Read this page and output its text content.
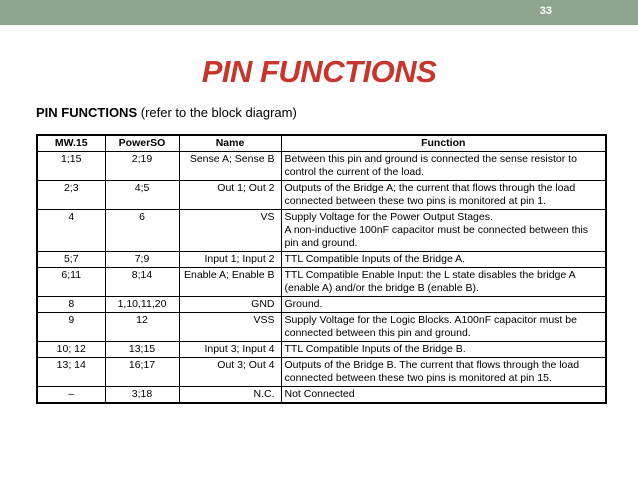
33
PIN FUNCTIONS
PIN FUNCTIONS (refer to the block diagram)
MW.15	PowerSO	Name	Function
1;15	2;19	Sense A; Sense B	Between this pin and ground is connected the sense resistor to
control the current of the load.
2;3	4;5	Out 1; Out 2	Outputs of the Bridge A; the current that flows through the load
connected between these two pins is monitored at pin 1.
4	6	VS	Supply Voltage for the Power Output Stages.
A non-inductive 100nF capacitor must be connected between this
pin and ground.
5;7	7;9	Input 1; Input 2	TTL Compatible Inputs of the Bridge A.
6;11	8;14	Enable A; Enable B	TTL Compatible Enable Input: the L state disables the bridge A
(enable A) and/or the bridge B (enable B).
8	1,10,11,20	GND	Ground.
9	12	VSS	Supply Voltage for the Logic Blocks. A100nF capacitor must be
connected between this pin and ground.
10; 12	13;15	Input 3; Input 4	TTL Compatible Inputs of the Bridge B.
13; 14	16;17	Out 3; Out 4	Outputs of the Bridge B. The current that flows through the load
connected between these two pins is monitored at pin 15.
–	3;18	N.C.	Not Connected
